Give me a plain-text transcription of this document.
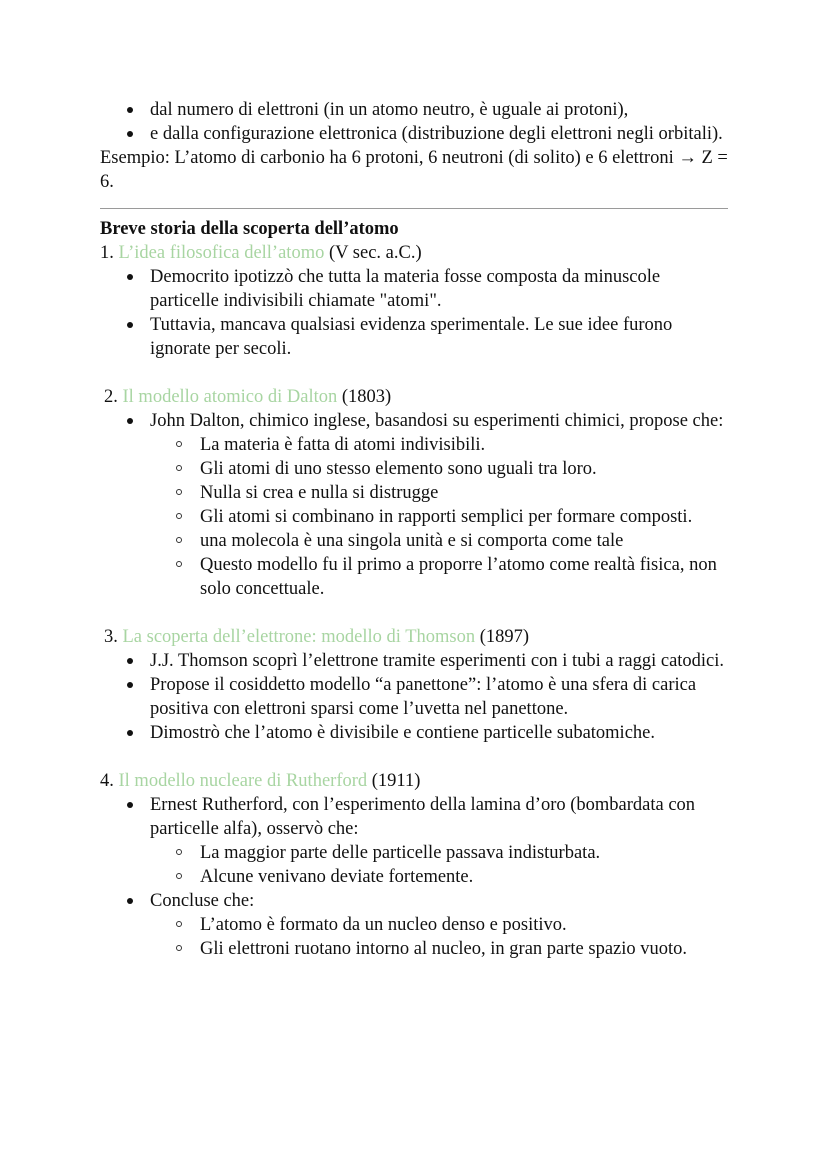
dal numero di elettroni (in un atomo neutro, è uguale ai protoni),
e dalla configurazione elettronica (distribuzione degli elettroni negli orbitali).

Esempio: L’atomo di carbonio ha 6 protoni, 6 neutroni (di solito) e 6 elettroni → Z = 6.

Breve storia della scoperta dell’atomo

1. L’idea filosofica dell’atomo (V sec. a.C.)

Democrito ipotizzò che tutta la materia fosse composta da minuscole particelle indivisibili chiamate "atomi".
Tuttavia, mancava qualsiasi evidenza sperimentale. Le sue idee furono ignorate per secoli.

2. Il modello atomico di Dalton (1803)

John Dalton, chimico inglese, basandosi su esperimenti chimici, propose che:
La materia è fatta di atomi indivisibili.
Gli atomi di uno stesso elemento sono uguali tra loro.
Nulla si crea e nulla si distrugge
Gli atomi si combinano in rapporti semplici per formare composti.
una molecola è una singola unità e si comporta come tale
Questo modello fu il primo a proporre l’atomo come realtà fisica, non solo concettuale.

3. La scoperta dell’elettrone: modello di Thomson (1897)

J.J. Thomson scoprì l’elettrone tramite esperimenti con i tubi a raggi catodici.
Propose il cosiddetto modello “a panettone”: l’atomo è una sfera di carica positiva con elettroni sparsi come l’uvetta nel panettone.
Dimostrò che l’atomo è divisibile e contiene particelle subatomiche.

4. Il modello nucleare di Rutherford (1911)

Ernest Rutherford, con l’esperimento della lamina d’oro (bombardata con particelle alfa), osservò che:
La maggior parte delle particelle passava indisturbata.
Alcune venivano deviate fortemente.
Concluse che:
L’atomo è formato da un nucleo denso e positivo.
Gli elettroni ruotano intorno al nucleo, in gran parte spazio vuoto.
